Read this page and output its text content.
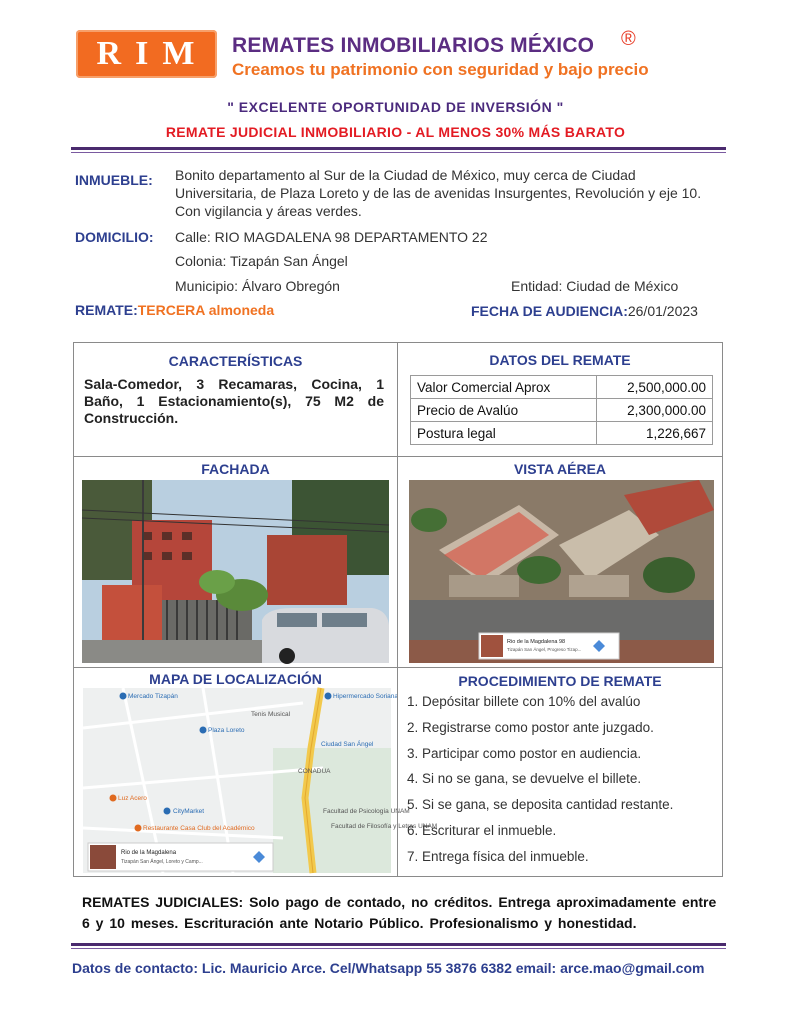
RIM REMATES INMOBILIARIOS MÉXICO ®
Creamos tu patrimonio con seguridad y bajo precio
" EXCELENTE OPORTUNIDAD DE INVERSIÓN "
REMATE JUDICIAL INMOBILIARIO - AL MENOS 30% MÁS BARATO
INMUEBLE: Bonito departamento al Sur de la Ciudad de México, muy cerca de Ciudad Universitaria, de Plaza Loreto y de las de avenidas Insurgentes, Revolución y eje 10. Con vigilancia y áreas verdes.
DOMICILIO: Calle: RIO MAGDALENA 98 DEPARTAMENTO 22
Colonia: Tizapán San Ángel
Municipio: Álvaro Obregón	Entidad: Ciudad de México
REMATE:TERCERA almoneda	FECHA DE AUDIENCIA:26/01/2023
CARACTERÍSTICAS
Sala-Comedor, 3 Recamaras, Cocina, 1 Baño, 1 Estacionamiento(s), 75 M2 de Construcción.
DATOS DEL REMATE
Valor Comercial Aprox	2,500,000.00
Precio de Avalúo	2,300,000.00
Postura legal	1,226,667
FACHADA	VISTA AÉREA
Rio de la Magdalena 98
Tizapán San Ángel, Progreso Tizap...
MAPA DE LOCALIZACIÓN
Mercado Tizapán	Hipermercado Soriana
Plaza Loreto
Tenis Musical
Ciudad San Ángel
CONADUA
Luz Acero
CityMarket
Restaurante Casa Club del Académico
Facultad de Psicología UNAM
Facultad de Filosofía y Letras UNAM
Rio de la Magdalena
Tizapán San Ángel, Loreto y Camp...
PROCEDIMIENTO DE REMATE
1. Depósitar billete con 10% del avalúo
2. Registrarse como postor ante juzgado.
3. Participar como postor en audiencia.
4. Si no se gana, se devuelve el billete.
5. Si se gana, se deposita cantidad restante.
6. Escriturar el inmueble.
7. Entrega física del inmueble.
REMATES JUDICIALES: Solo pago de contado, no créditos. Entrega aproximadamente entre 6 y 10 meses. Escrituración ante Notario Público. Profesionalismo y honestidad.
Datos de contacto: Lic. Mauricio Arce. Cel/Whatsapp 55 3876 6382 email: arce.mao@gmail.com
